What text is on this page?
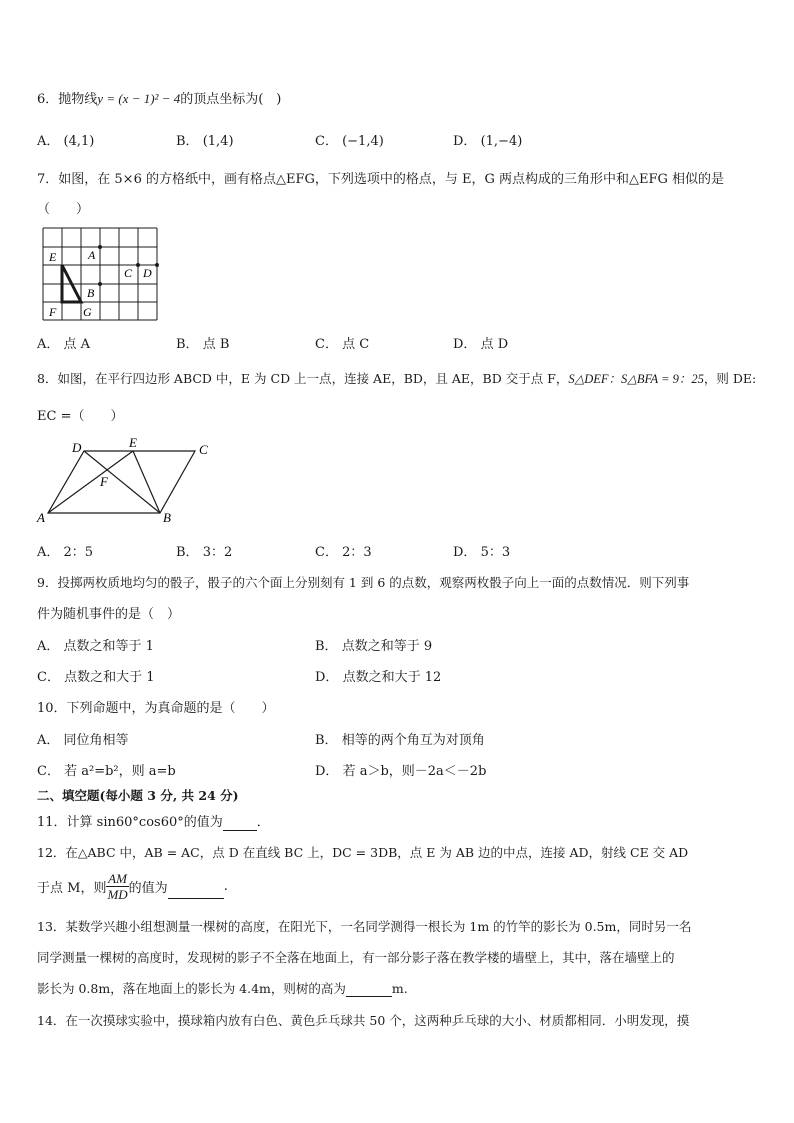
6．抛物线y = (x − 1)² − 4的顶点坐标为(　)
A． (4,1)	B． (1,4)	C． (−1,4)	D． (1,−4)
7．如图，在 5×6 的方格纸中，画有格点△EFG，下列选项中的格点，与 E，G 两点构成的三角形中和△EFG 相似的是
（　　）
E
F G
A
B
C D
A． 点 A	B． 点 B	C． 点 C	D． 点 D
8．如图，在平行四边形 ABCD 中，E 为 CD 上一点，连接 AE，BD，且 AE，BD 交于点 F，S△DEF：S△BFA = 9：25，则 DE:
EC =（　　）
A	B
C
D	E
F
A． 2：5	B． 3：2	C． 2：3	D． 5：3
9．投掷两枚质地均匀的骰子，骰子的六个面上分别刻有 1 到 6 的点数，观察两枚骰子向上一面的点数情况．则下列事
件为随机事件的是（　）
A． 点数之和等于 1	B． 点数之和等于 9
C． 点数之和大于 1	D． 点数之和大于 12
10．下列命题中，为真命题的是（　　）
A． 同位角相等	B． 相等的两个角互为对顶角
C． 若 a²=b²，则 a=b	D． 若 a＞b，则－2a＜－2b
二、填空题(每小题 3 分, 共 24 分)
11．计算 sin60°cos60°的值为	．
12．在△ABC 中，AB = AC，点 D 在直线 BC 上，DC = 3DB，点 E 为 AB 边的中点，连接 AD，射线 CE 交 AD
于点 M，则 $\frac{AM}{MD}$ 的值为
	.
13．某数学兴趣小组想测量一棵树的高度，在阳光下，一名同学测得一根长为 1m 的竹竿的影长为 0.5m，同时另一名
同学测量一棵树的高度时，发现树的影子不全落在地面上，有一部分影子落在教学楼的墙壁上，其中，落在墙壁上的
影长为 0.8m，落在地面上的影长为 4.4m，则树的高为	m.
14．在一次摸球实验中，摸球箱内放有白色、黄色乒乓球共 50 个，这两种乒乓球的大小、材质都相同．小明发现，摸
